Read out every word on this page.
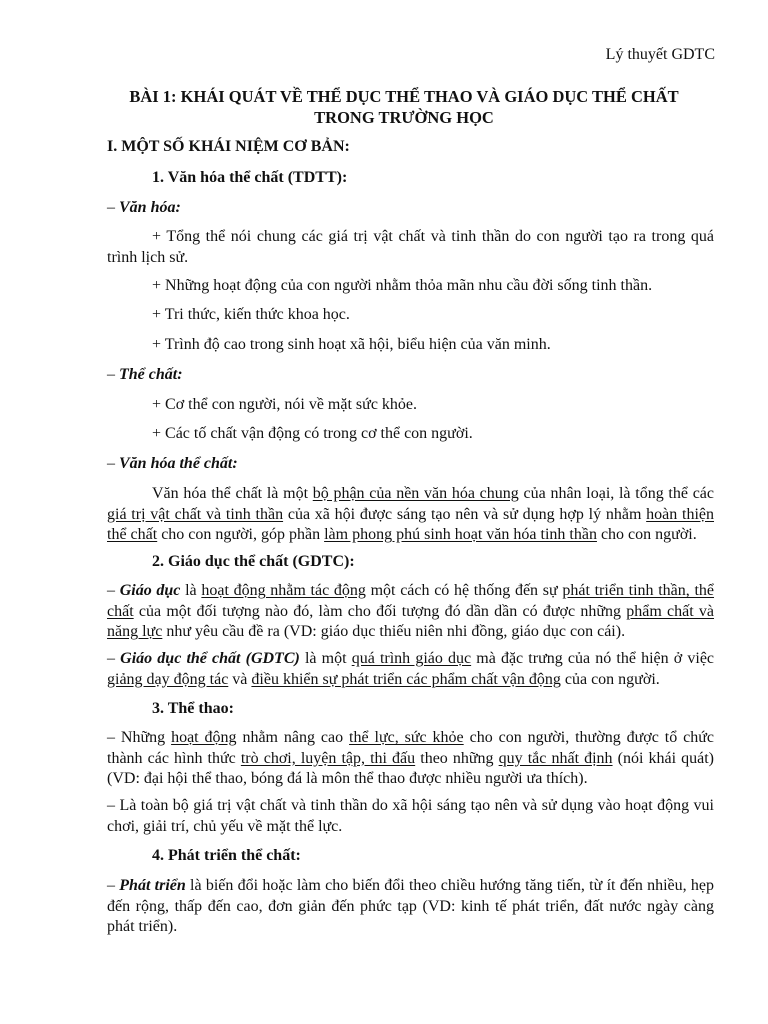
Lý thuyết GDTC
BÀI 1: KHÁI QUÁT VỀ THỂ DỤC THỂ THAO VÀ GIÁO DỤC THỂ CHẤT
TRONG TRƯỜNG HỌC
I. MỘT SỐ KHÁI NIỆM CƠ BẢN:
1. Văn hóa thể chất (TDTT):
– Văn hóa:
+ Tổng thể nói chung các giá trị vật chất và tinh thần do con người tạo ra trong quá trình lịch sử.
+ Những hoạt động của con người nhằm thỏa mãn nhu cầu đời sống tinh thần.
+ Tri thức, kiến thức khoa học.
+ Trình độ cao trong sinh hoạt xã hội, biểu hiện của văn minh.
– Thể chất:
+ Cơ thể con người, nói về mặt sức khỏe.
+ Các tố chất vận động có trong cơ thể con người.
– Văn hóa thể chất:
Văn hóa thể chất là một bộ phận của nền văn hóa chung của nhân loại, là tổng thể các giá trị vật chất và tinh thần của xã hội được sáng tạo nên và sử dụng hợp lý nhằm hoàn thiện thể chất cho con người, góp phần làm phong phú sinh hoạt văn hóa tinh thần cho con người.
2. Giáo dục thể chất (GDTC):
– Giáo dục là hoạt động nhằm tác động một cách có hệ thống đến sự phát triển tinh thần, thể chất của một đối tượng nào đó, làm cho đối tượng đó dần dần có được những phẩm chất và năng lực như yêu cầu đề ra (VD: giáo dục thiếu niên nhi đồng, giáo dục con cái).
– Giáo dục thể chất (GDTC) là một quá trình giáo dục mà đặc trưng của nó thể hiện ở việc giảng dạy động tác và điều khiển sự phát triển các phẩm chất vận động của con người.
3. Thể thao:
– Những hoạt động nhằm nâng cao thể lực, sức khỏe cho con người, thường được tổ chức thành các hình thức trò chơi, luyện tập, thi đấu theo những quy tắc nhất định (nói khái quát) (VD: đại hội thể thao, bóng đá là môn thể thao được nhiều người ưa thích).
– Là toàn bộ giá trị vật chất và tinh thần do xã hội sáng tạo nên và sử dụng vào hoạt động vui chơi, giải trí, chủ yếu về mặt thể lực.
4. Phát triển thể chất:
– Phát triển là biến đổi hoặc làm cho biến đổi theo chiều hướng tăng tiến, từ ít đến nhiều, hẹp đến rộng, thấp đến cao, đơn giản đến phức tạp (VD: kinh tế phát triển, đất nước ngày càng phát triển).
